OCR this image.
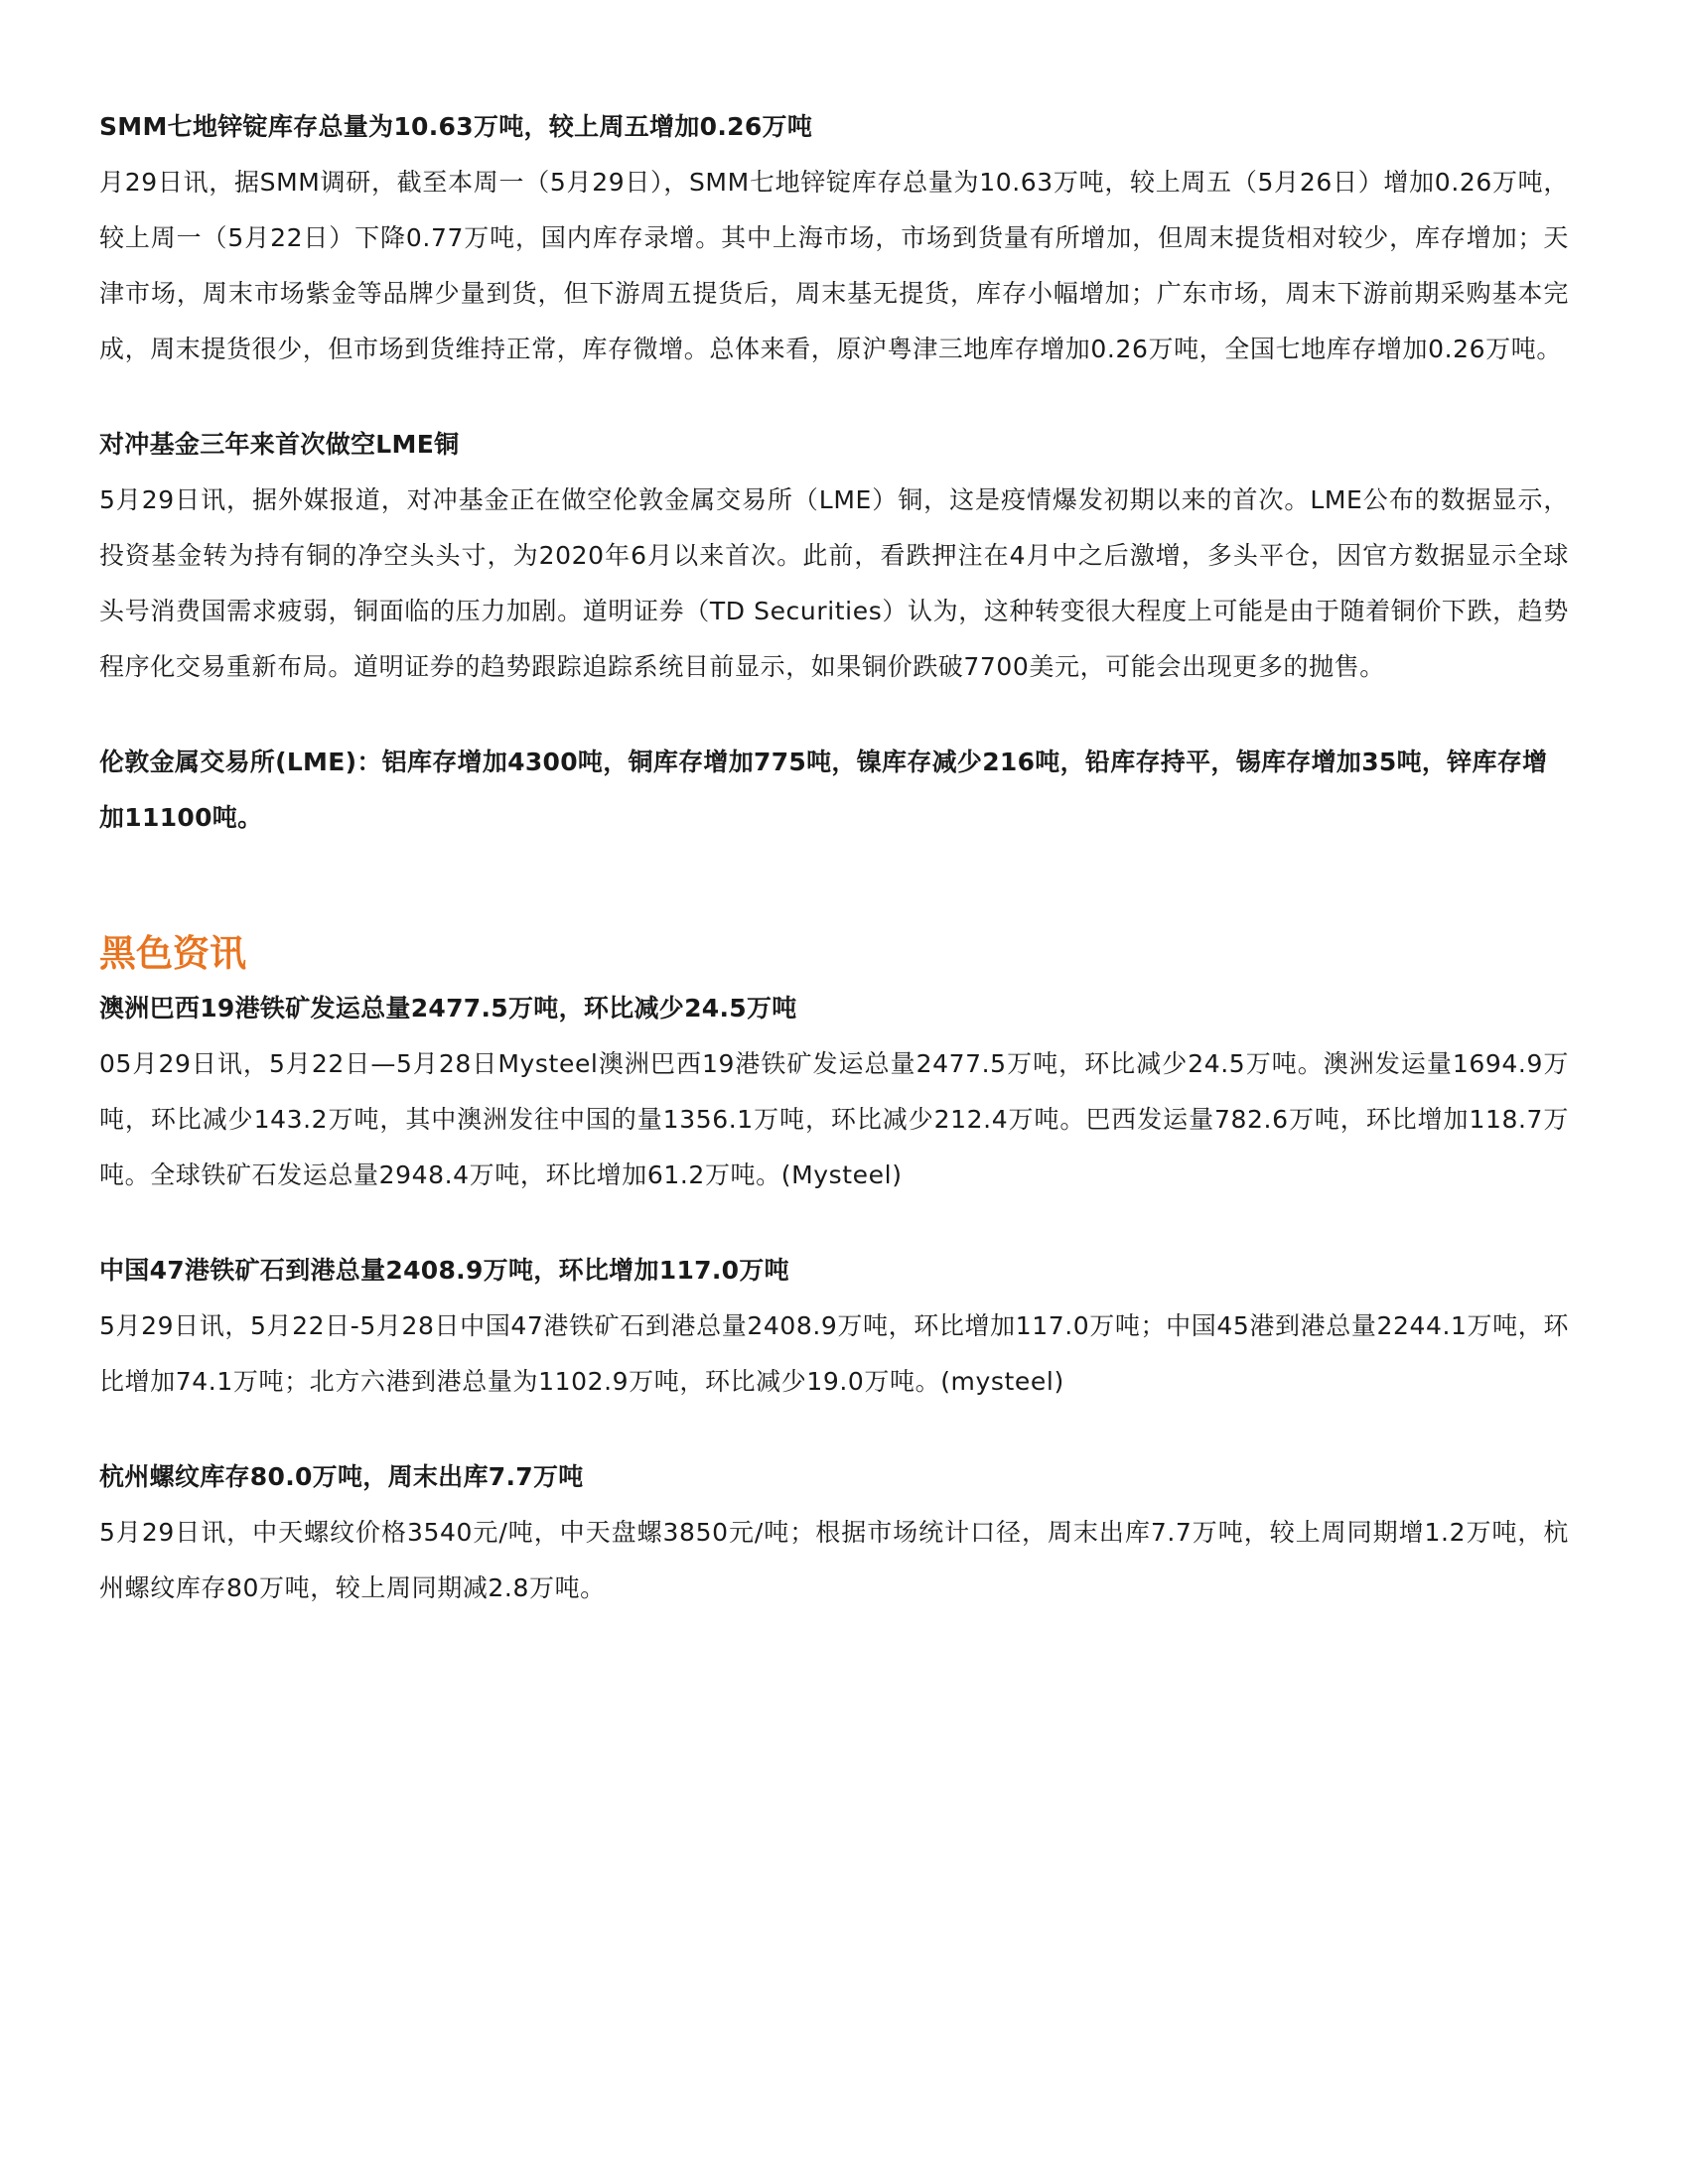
SMM七地锌锭库存总量为10.63万吨，较上周五增加0.26万吨

月29日讯，据SMM调研，截至本周一（5月29日），SMM七地锌锭库存总量为10.63万吨，较上周五（5月26日）增加0.26万吨，较上周一（5月22日）下降0.77万吨，国内库存录增。其中上海市场，市场到货量有所增加，但周末提货相对较少，库存增加；天津市场，周末市场紫金等品牌少量到货，但下游周五提货后，周末基无提货，库存小幅增加；广东市场，周末下游前期采购基本完成，周末提货很少，但市场到货维持正常，库存微增。总体来看，原沪粤津三地库存增加0.26万吨，全国七地库存增加0.26万吨。

对冲基金三年来首次做空LME铜

5月29日讯，据外媒报道，对冲基金正在做空伦敦金属交易所（LME）铜，这是疫情爆发初期以来的首次。LME公布的数据显示，投资基金转为持有铜的净空头头寸，为2020年6月以来首次。此前，看跌押注在4月中之后激增，多头平仓，因官方数据显示全球头号消费国需求疲弱，铜面临的压力加剧。道明证券（TD Securities）认为，这种转变很大程度上可能是由于随着铜价下跌，趋势程序化交易重新布局。道明证券的趋势跟踪追踪系统目前显示，如果铜价跌破7700美元，可能会出现更多的抛售。

伦敦金属交易所(LME)：铝库存增加4300吨，铜库存增加775吨，镍库存减少216吨，铅库存持平，锡库存增加35吨，锌库存增加11100吨。

黑色资讯

澳洲巴西19港铁矿发运总量2477.5万吨，环比减少24.5万吨

05月29日讯，5月22日—5月28日Mysteel澳洲巴西19港铁矿发运总量2477.5万吨，环比减少24.5万吨。澳洲发运量1694.9万吨，环比减少143.2万吨，其中澳洲发往中国的量1356.1万吨，环比减少212.4万吨。巴西发运量782.6万吨，环比增加118.7万吨。全球铁矿石发运总量2948.4万吨，环比增加61.2万吨。(Mysteel)

中国47港铁矿石到港总量2408.9万吨，环比增加117.0万吨

5月29日讯，5月22日-5月28日中国47港铁矿石到港总量2408.9万吨，环比增加117.0万吨；中国45港到港总量2244.1万吨，环比增加74.1万吨；北方六港到港总量为1102.9万吨，环比减少19.0万吨。(mysteel)

杭州螺纹库存80.0万吨，周末出库7.7万吨

5月29日讯，中天螺纹价格3540元/吨，中天盘螺3850元/吨；根据市场统计口径，周末出库7.7万吨，较上周同期增1.2万吨，杭州螺纹库存80万吨，较上周同期减2.8万吨。
